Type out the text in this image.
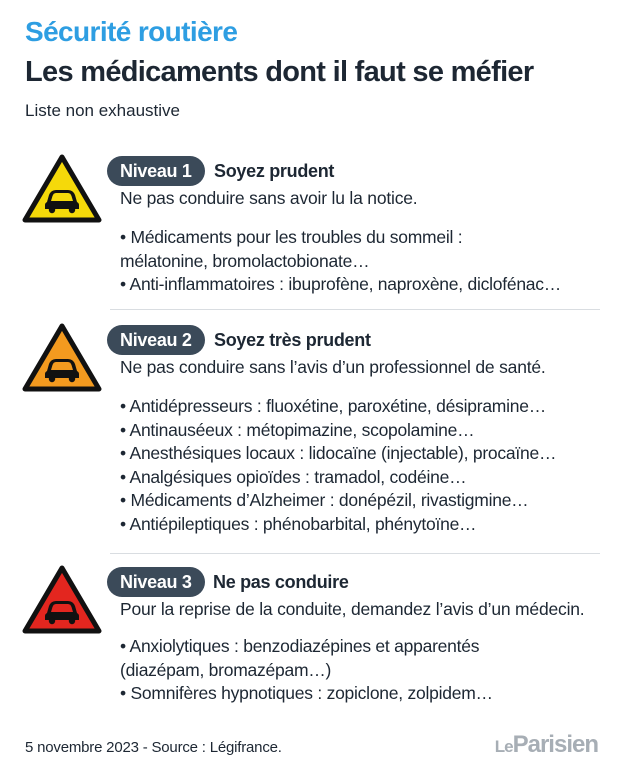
Sécurité routière
Les médicaments dont il faut se méfier
Liste non exhaustive
Niveau 1	Soyez prudent
Ne pas conduire sans avoir lu la notice.
• Médicaments pour les troubles du sommeil :
mélatonine, bromolactobionate…
• Anti-inflammatoires : ibuprofène, naproxène, diclofénac…
Niveau 2	Soyez très prudent
Ne pas conduire sans l’avis d’un professionnel de santé.
• Antidépresseurs : fluoxétine, paroxétine, désipramine…
• Antinauséeux : métopimazine, scopolamine…
• Anesthésiques locaux : lidocaïne (injectable), procaïne…
• Analgésiques opioïdes : tramadol, codéine…
• Médicaments d’Alzheimer : donépézil, rivastigmine…
• Antiépileptiques : phénobarbital, phénytoïne…
Niveau 3	Ne pas conduire
Pour la reprise de la conduite, demandez l’avis d’un médecin.
• Anxiolytiques : benzodiazépines et apparentés
(diazépam, bromazépam…)
• Somnifères hypnotiques : zopiclone, zolpidem…
5 novembre 2023 - Source : Légifrance.	LeParisien
